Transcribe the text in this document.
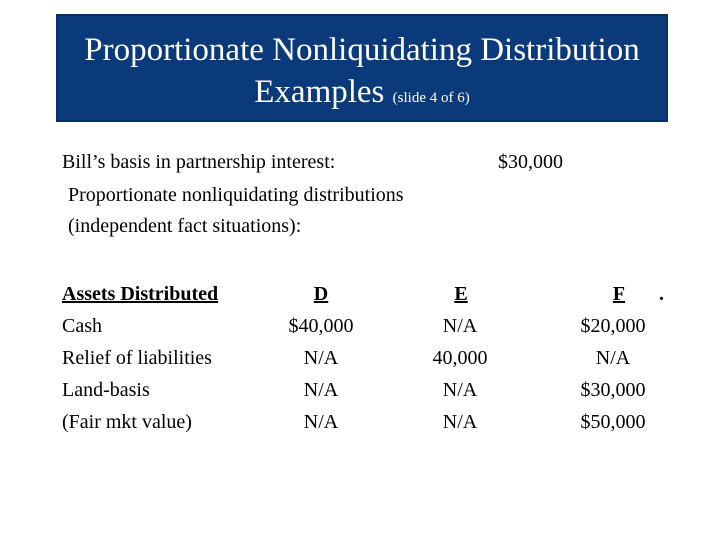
Proportionate Nonliquidating Distribution
Examples (slide 4 of 6)
Bill’s basis in partnership interest:	$30,000
Proportionate nonliquidating distributions
(independent fact situations):
Assets Distributed	D	E	F .
Cash	$40,000	N/A	$20,000
Relief of liabilities	N/A	40,000	N/A
Land-basis	N/A	N/A	$30,000
(Fair mkt value)	N/A	N/A	$50,000
